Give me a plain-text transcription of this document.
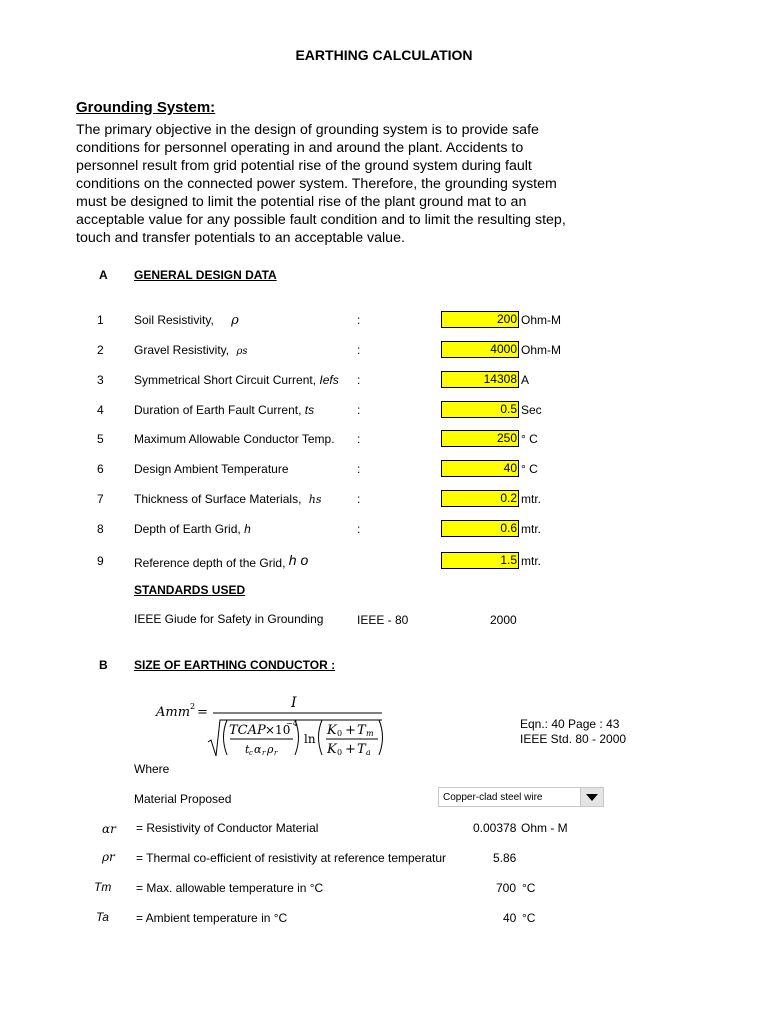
EARTHING CALCULATION
Grounding System:
The primary objective in the design of grounding system is to provide safe
conditions for personnel operating in and around the plant. Accidents to
personnel result from grid potential rise of the ground system during fault
conditions on the connected power system. Therefore, the grounding system
must be designed to limit the potential rise of the plant ground mat to an
acceptable value for any possible fault condition and to limit the resulting step,
touch and transfer potentials to an acceptable value.
A GENERAL DESIGN DATA
1	Soil Resistivity, ρ	:	200 Ohm-M
2	Gravel Resistivity, ρs	:	4000 Ohm-M
3	Symmetrical Short Circuit Current, Iefs :	14308 A
4	Duration of Earth Fault Current, ts	:	0.5 Sec
5	Maximum Allowable Conductor Temp. :	250 ° C
6	Design Ambient Temperature	:	40 ° C
7	Thickness of Surface Materials, hs	:	0.2 mtr.
8	Depth of Earth Grid, h	:	0.6 mtr.
9	Reference depth of the Grid, h o	1.5 mtr.
STANDARDS USED
IEEE Giude for Safety in Grounding	IEEE - 80	2000
B SIZE OF EARTHING CONDUCTOR :
Amm 2 =
I
TCAP ×10
−4
t c α r ρ r
ln
K 0 + T m
K 0 + T a
Eqn.: 40 Page : 43
IEEE Std. 80 - 2000
Where
Material Proposed	Copper-clad steel wire
αr = Resistivity of Conductor Material	0.00378 Ohm - M
ρr = Thermal co-efficient of resistivity at reference temperatur	5.86
Tm = Max. allowable temperature in °C	700 °C
Ta = Ambient temperature in °C	40 °C
